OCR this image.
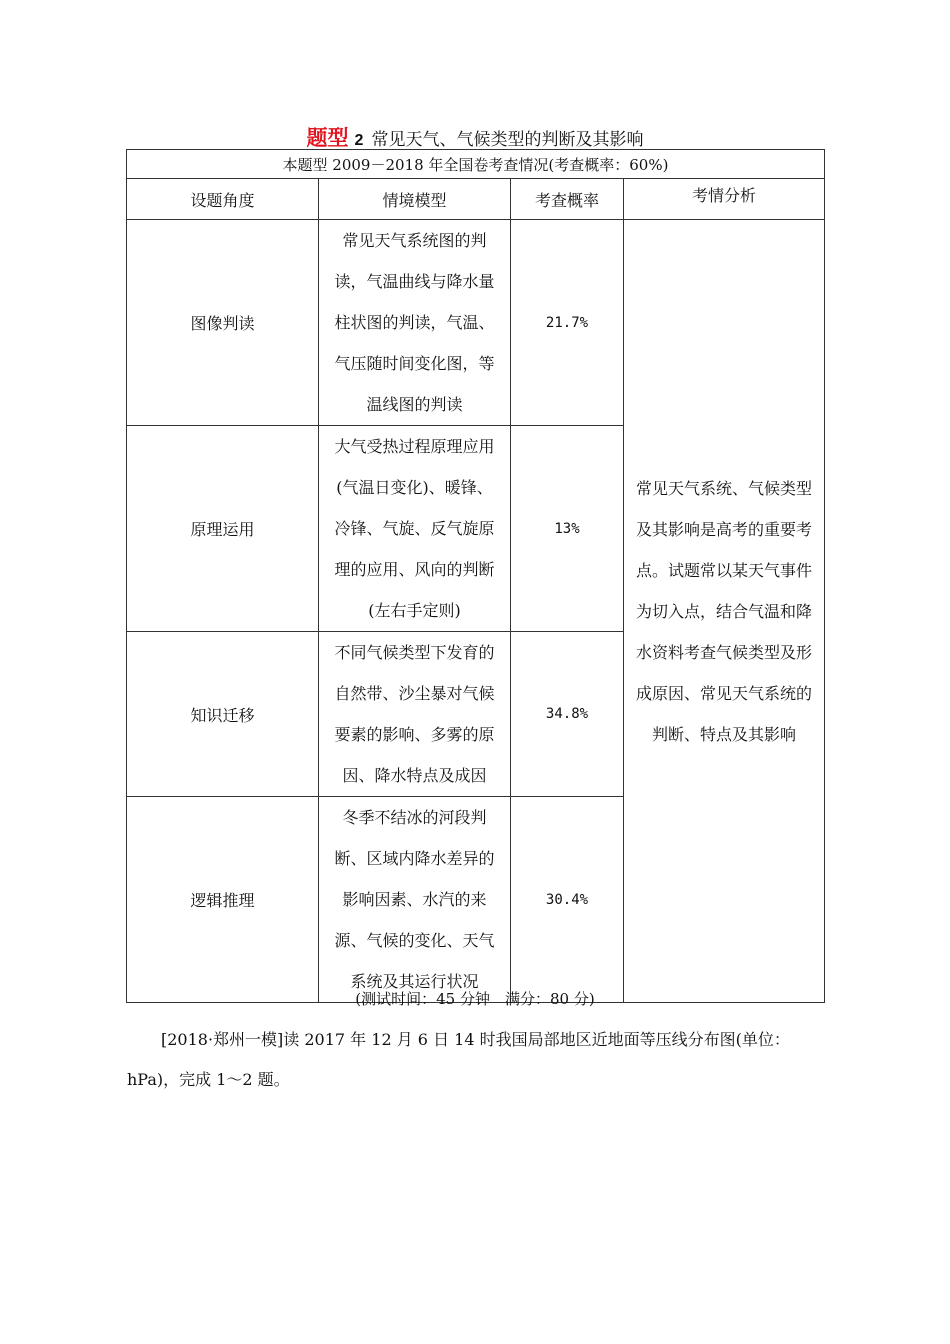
题型 2 常见天气、气候类型的判断及其影响
本题型 2009－2018 年全国卷考查情况(考查概率：60%)			
设题角度	情境模型	考查概率	考情分析
图像判读	常见天气系统图的判读，气温曲线与降水量柱状图的判读，气温、气压随时间变化图，等温线图的判读	21.7%	常见天气系统、气候类型及其影响是高考的重要考点。试题常以某天气事件为切入点，结合气温和降水资料考查气候类型及形成原因、常见天气系统的判断、特点及其影响

原理运用	大气受热过程原理应用(气温日变化)、暖锋、冷锋、气旋、反气旋原理的应用、风向的判断(左右手定则)	13%	
知识迁移	不同气候类型下发育的自然带、沙尘暴对气候要素的影响、多雾的原因、降水特点及成因	34.8%	
逻辑推理	冬季不结冰的河段判断、区域内降水差异的影响因素、水汽的来源、气候的变化、天气系统及其运行状况	30.4%	
(测试时间：45 分钟　满分：80 分)
[2018·郑州一模]读 2017 年 12 月 6 日 14 时我国局部地区近地面等压线分布图(单位：
hPa)，完成 1～2 题。
